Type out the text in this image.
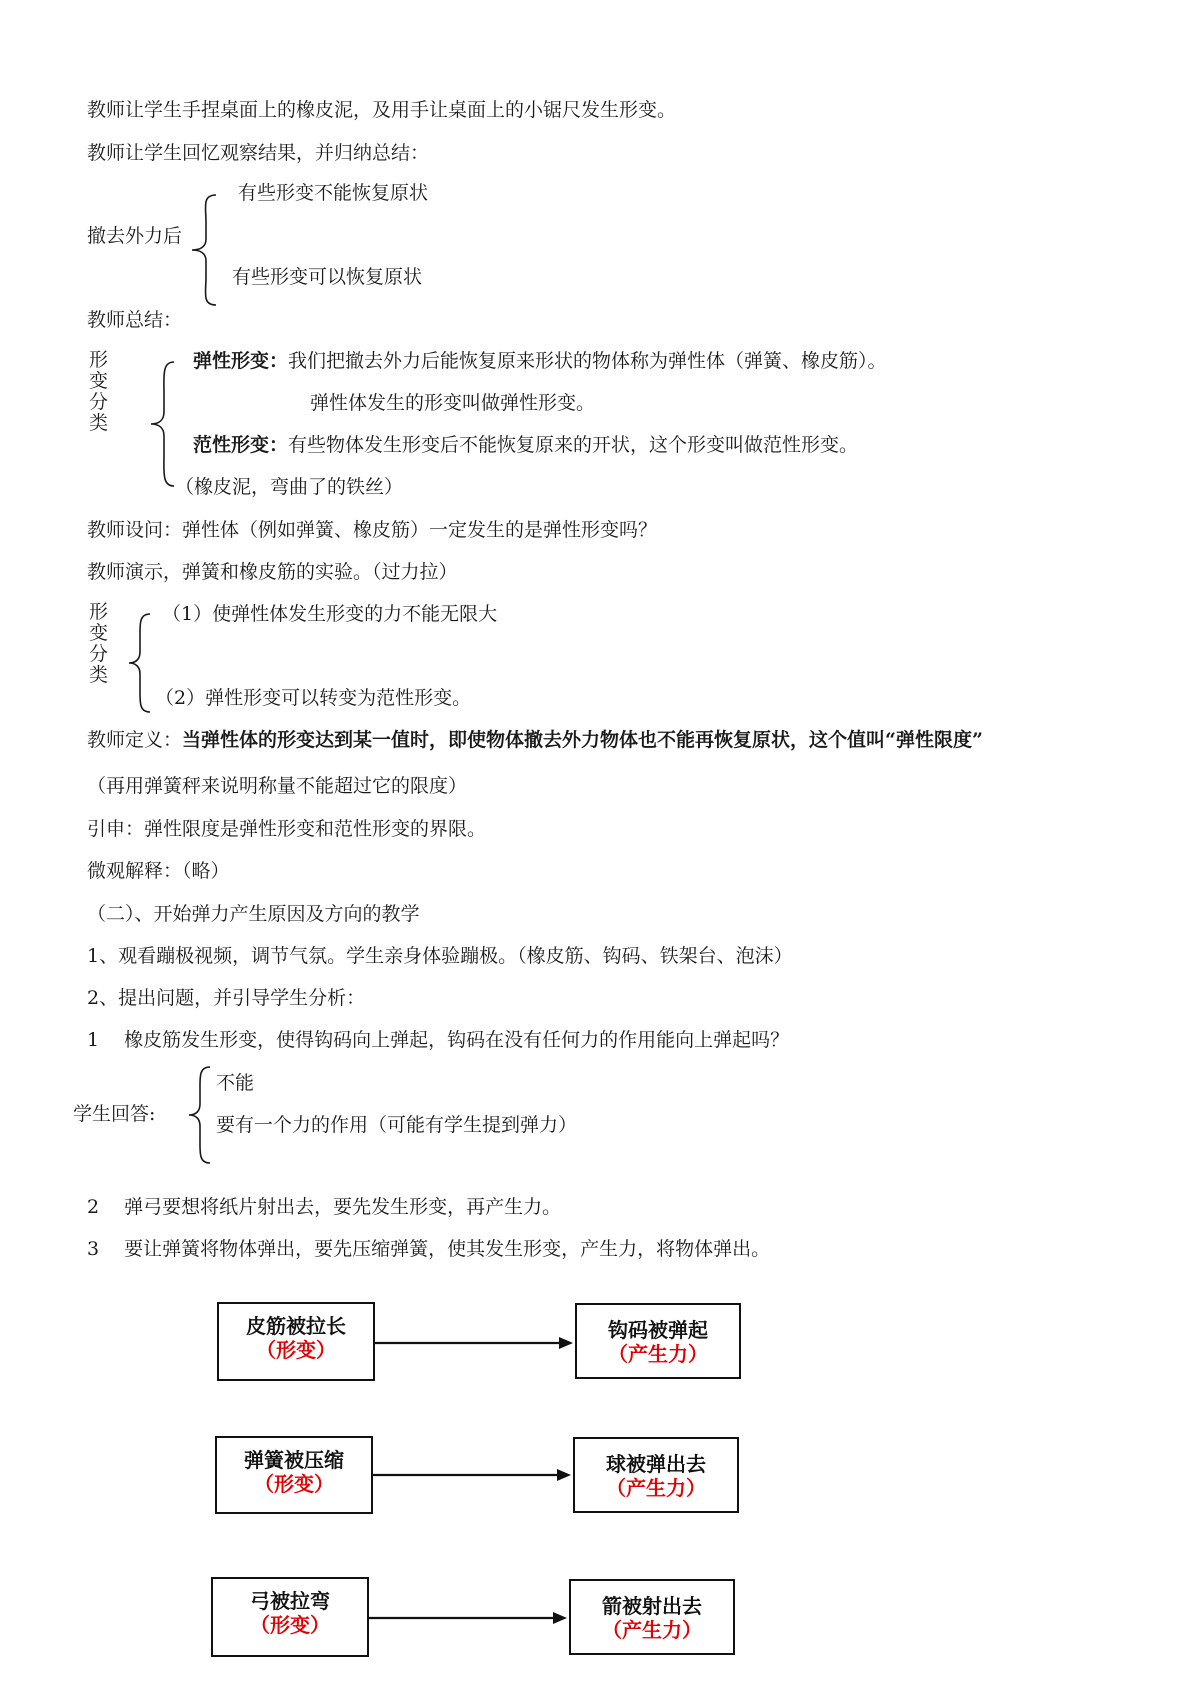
教师让学生手捏桌面上的橡皮泥，及用手让桌面上的小锯尺发生形变。
教师让学生回忆观察结果，并归纳总结：
撤去外力后
有些形变不能恢复原状
有些形变可以恢复原状
教师总结：
形
变
分
类
弹性形变：我们把撤去外力后能恢复原来形状的物体称为弹性体（弹簧、橡皮筋）。
弹性体发生的形变叫做弹性形变。
范性形变：有些物体发生形变后不能恢复原来的开状，这个形变叫做范性形变。
（橡皮泥，弯曲了的铁丝）
教师设问：弹性体（例如弹簧、橡皮筋）一定发生的是弹性形变吗？
教师演示，弹簧和橡皮筋的实验。（过力拉）
形
变
分
类
（1）使弹性体发生形变的力不能无限大
（2）弹性形变可以转变为范性形变。
教师定义：当弹性体的形变达到某一值时，即使物体撤去外力物体也不能再恢复原状，这个值叫“弹性限度”
（再用弹簧秤来说明称量不能超过它的限度）
引申：弹性限度是弹性形变和范性形变的界限。
微观解释：（略）
（二）、开始弹力产生原因及方向的教学
1、观看蹦极视频，调节气氛。学生亲身体验蹦极。（橡皮筋、钩码、铁架台、泡沫）
2、提出问题，并引导学生分析：
1　 橡皮筋发生形变，使得钩码向上弹起，钩码在没有任何力的作用能向上弹起吗？
学生回答:
不能
要有一个力的作用（可能有学生提到弹力）
2　 弹弓要想将纸片射出去，要先发生形变，再产生力。
3　 要让弹簧将物体弹出，要先压缩弹簧，使其发生形变，产生力，将物体弹出。
皮筋被拉长
（形变）
钩码被弹起
（产生力）
弹簧被压缩
（形变）
球被弹出去
（产生力）
弓被拉弯
（形变）
箭被射出去
（产生力）
